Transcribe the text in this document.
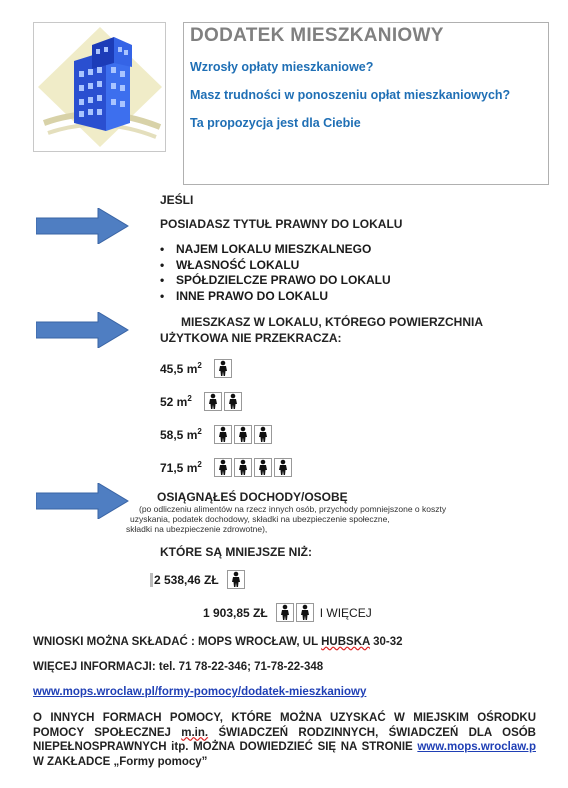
DODATEK MIESZKANIOWY
Wzrosły opłaty mieszkaniowe?
Masz trudności w ponoszeniu opłat mieszkaniowych?
Ta propozycja jest dla Ciebie
JEŚLI
POSIADASZ TYTUŁ PRAWNY DO LOKALU
• NAJEM LOKALU MIESZKALNEGO
• WŁASNOŚĆ LOKALU
• SPÓŁDZIELCZE PRAWO DO LOKALU
• INNE PRAWO DO LOKALU
MIESZKASZ W LOKALU, KTÓREGO POWIERZCHNIA
UŻYTKOWA NIE PRZEKRACZA:
45,5 $m^2$
52 $m^2$
58,5 $m^2$
71,5 $m^2$
OSIĄGNĄŁEŚ DOCHODY/OSOBĘ
(po odliczeniu alimentów na rzecz innych osób, przychody pomniejszone o koszty
uzyskania, podatek dochodowy, składki na ubezpieczenie społeczne,
składki na ubezpieczenie zdrowotne),
KTÓRE SĄ MNIEJSZE NIŻ:
2 538,46 ZŁ
1 903,85 ZŁ	I WIĘCEJ
WNIOSKI MOŻNA SKŁADAĆ : MOPS WROCŁAW, UL HUBSKA 30-32
WIĘCEJ INFORMACJI: tel. 71 78-22-346; 71-78-22-348
www.mops.wroclaw.pl/formy-pomocy/dodatek-mieszkaniowy
O INNYCH FORMACH POMOCY, KTÓRE MOŻNA UZYSKAĆ W MIEJSKIM OŚRODKU POMOCY SPOŁECZNEJ m.in. ŚWIADCZEŃ RODZINNYCH, ŚWIADCZEŃ DLA OSÓB NIEPEŁNOSPRAWNYCH itp. MOŻNA DOWIEDZIEĆ SIĘ NA STRONIE www.mops.wroclaw.p W ZAKŁADCE „Formy pomocy”
